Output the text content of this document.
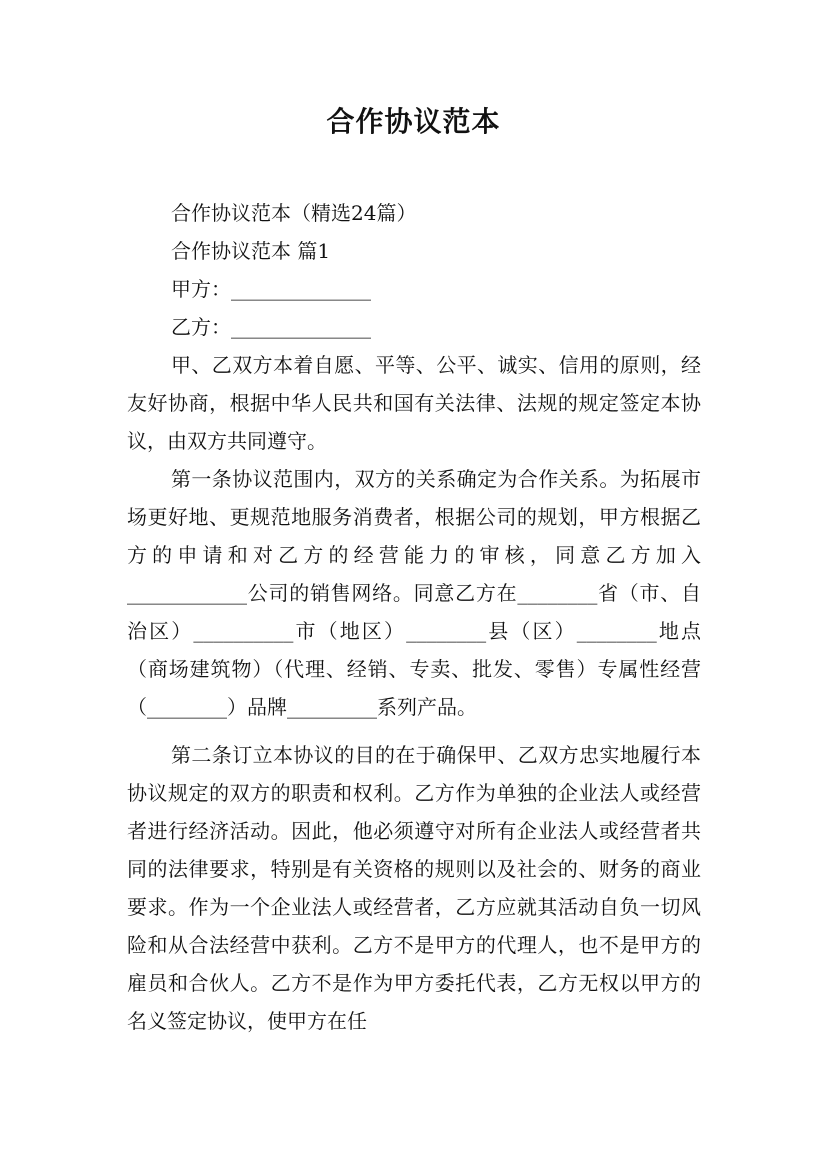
合作协议范本
合作协议范本（精选24篇）
合作协议范本 篇1
甲方：______________
乙方：______________

甲、乙双方本着自愿、平等、公平、诚实、信用的原则，经友好协商，根据中华人民共和国有关法律、法规的规定签定本协议，由双方共同遵守。

第一条协议范围内，双方的关系确定为合作关系。为拓展市场更好地、更规范地服务消费者，根据公司的规划，甲方根据乙方的申请和对乙方的经营能力的审核，同意乙方加入____________公司的销售网络。同意乙方在________省（市、自治区）__________市（地区）________县（区）________地点（商场建筑物）（代理、经销、专卖、批发、零售）专属性经营（________）品牌_________系列产品。

第二条订立本协议的目的在于确保甲、乙双方忠实地履行本协议规定的双方的职责和权利。乙方作为单独的企业法人或经营者进行经济活动。因此，他必须遵守对所有企业法人或经营者共同的法律要求，特别是有关资格的规则以及社会的、财务的商业要求。作为一个企业法人或经营者，乙方应就其活动自负一切风险和从合法经营中获利。乙方不是甲方的代理人，也不是甲方的雇员和合伙人。乙方不是作为甲方委托代表，乙方无权以甲方的名义签定协议，使甲方在任
